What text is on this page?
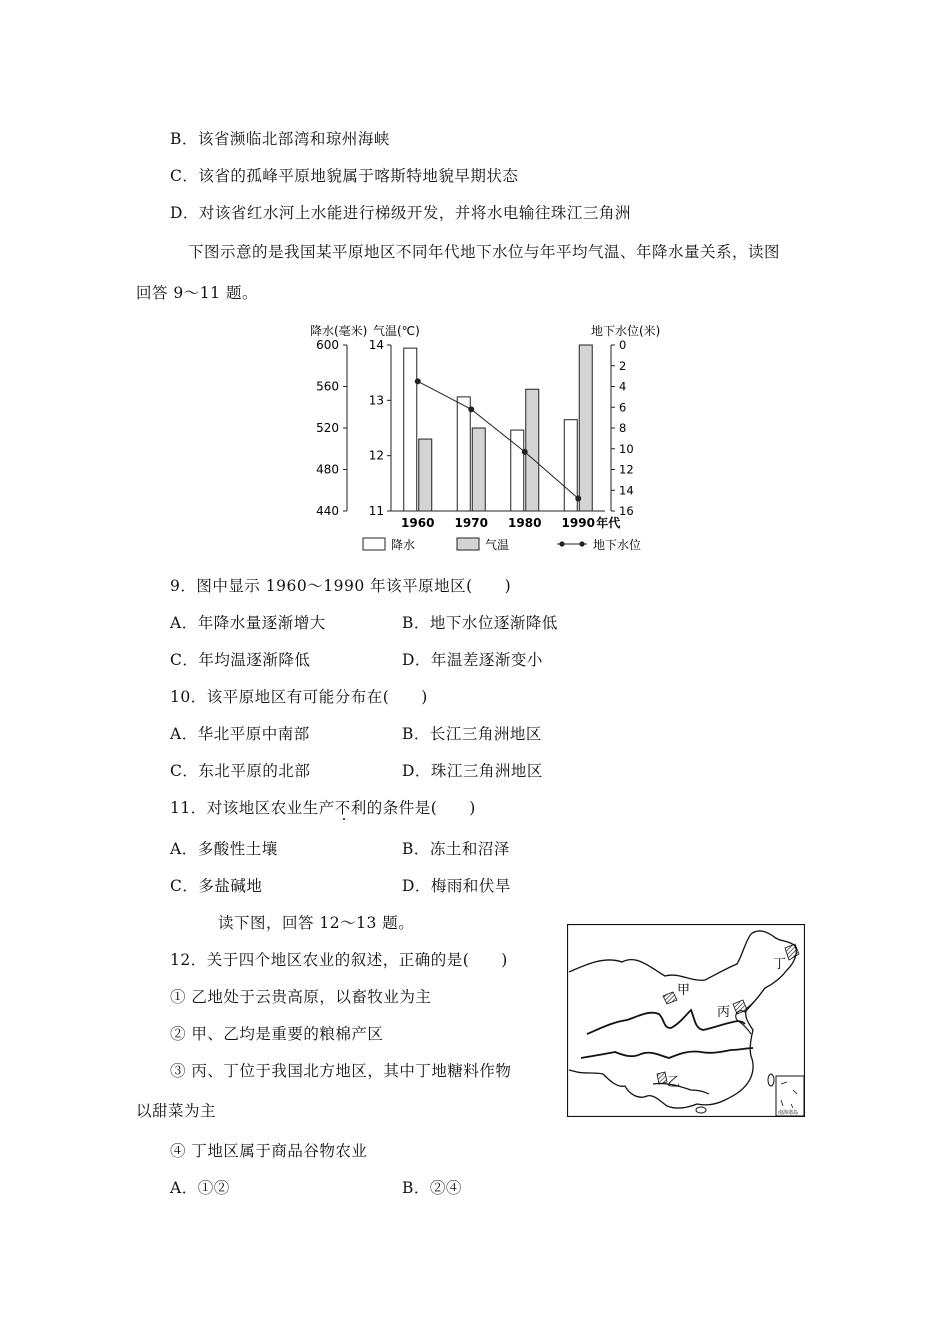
B．该省濒临北部湾和琼州海峡
C．该省的孤峰平原地貌属于喀斯特地貌早期状态
D．对该省红水河上水能进行梯级开发，并将水电输往珠江三角洲
下图示意的是我国某平原地区不同年代地下水位与年平均气温、年降水量关系，读图
回答 9～11 题。
降水(毫米) 气温(℃)	地下水位(米)
600
560
520
480
440
14
13
12
11
0
2
4
6
8
10
12
14
16
1960 1970 1980 1990 年代
降水	气温	地下水位
9．图中显示 1960～1990 年该平原地区(　　)
A．年降水量逐渐增大	B．地下水位逐渐降低
C．年均温逐渐降低	D．年温差逐渐变小
10．该平原地区有可能分布在(　　)
A．华北平原中南部	B．长江三角洲地区
C．东北平原的北部	D．珠江三角洲地区
11．对该地区农业生产不利的条件是(　　)
A．多酸性土壤	B．冻土和沼泽
C．多盐碱地	D．梅雨和伏旱
读下图，回答 12～13 题。
12．关于四个地区农业的叙述，正确的是(　　)
① 乙地处于云贵高原，以畜牧业为主
② 甲、乙均是重要的粮棉产区
③ 丙、丁位于我国北方地区，其中丁地糖料作物
以甜菜为主
④ 丁地区属于商品谷物农业
A．①②	B．②④
丁
甲
丙
乙
南海诸岛
